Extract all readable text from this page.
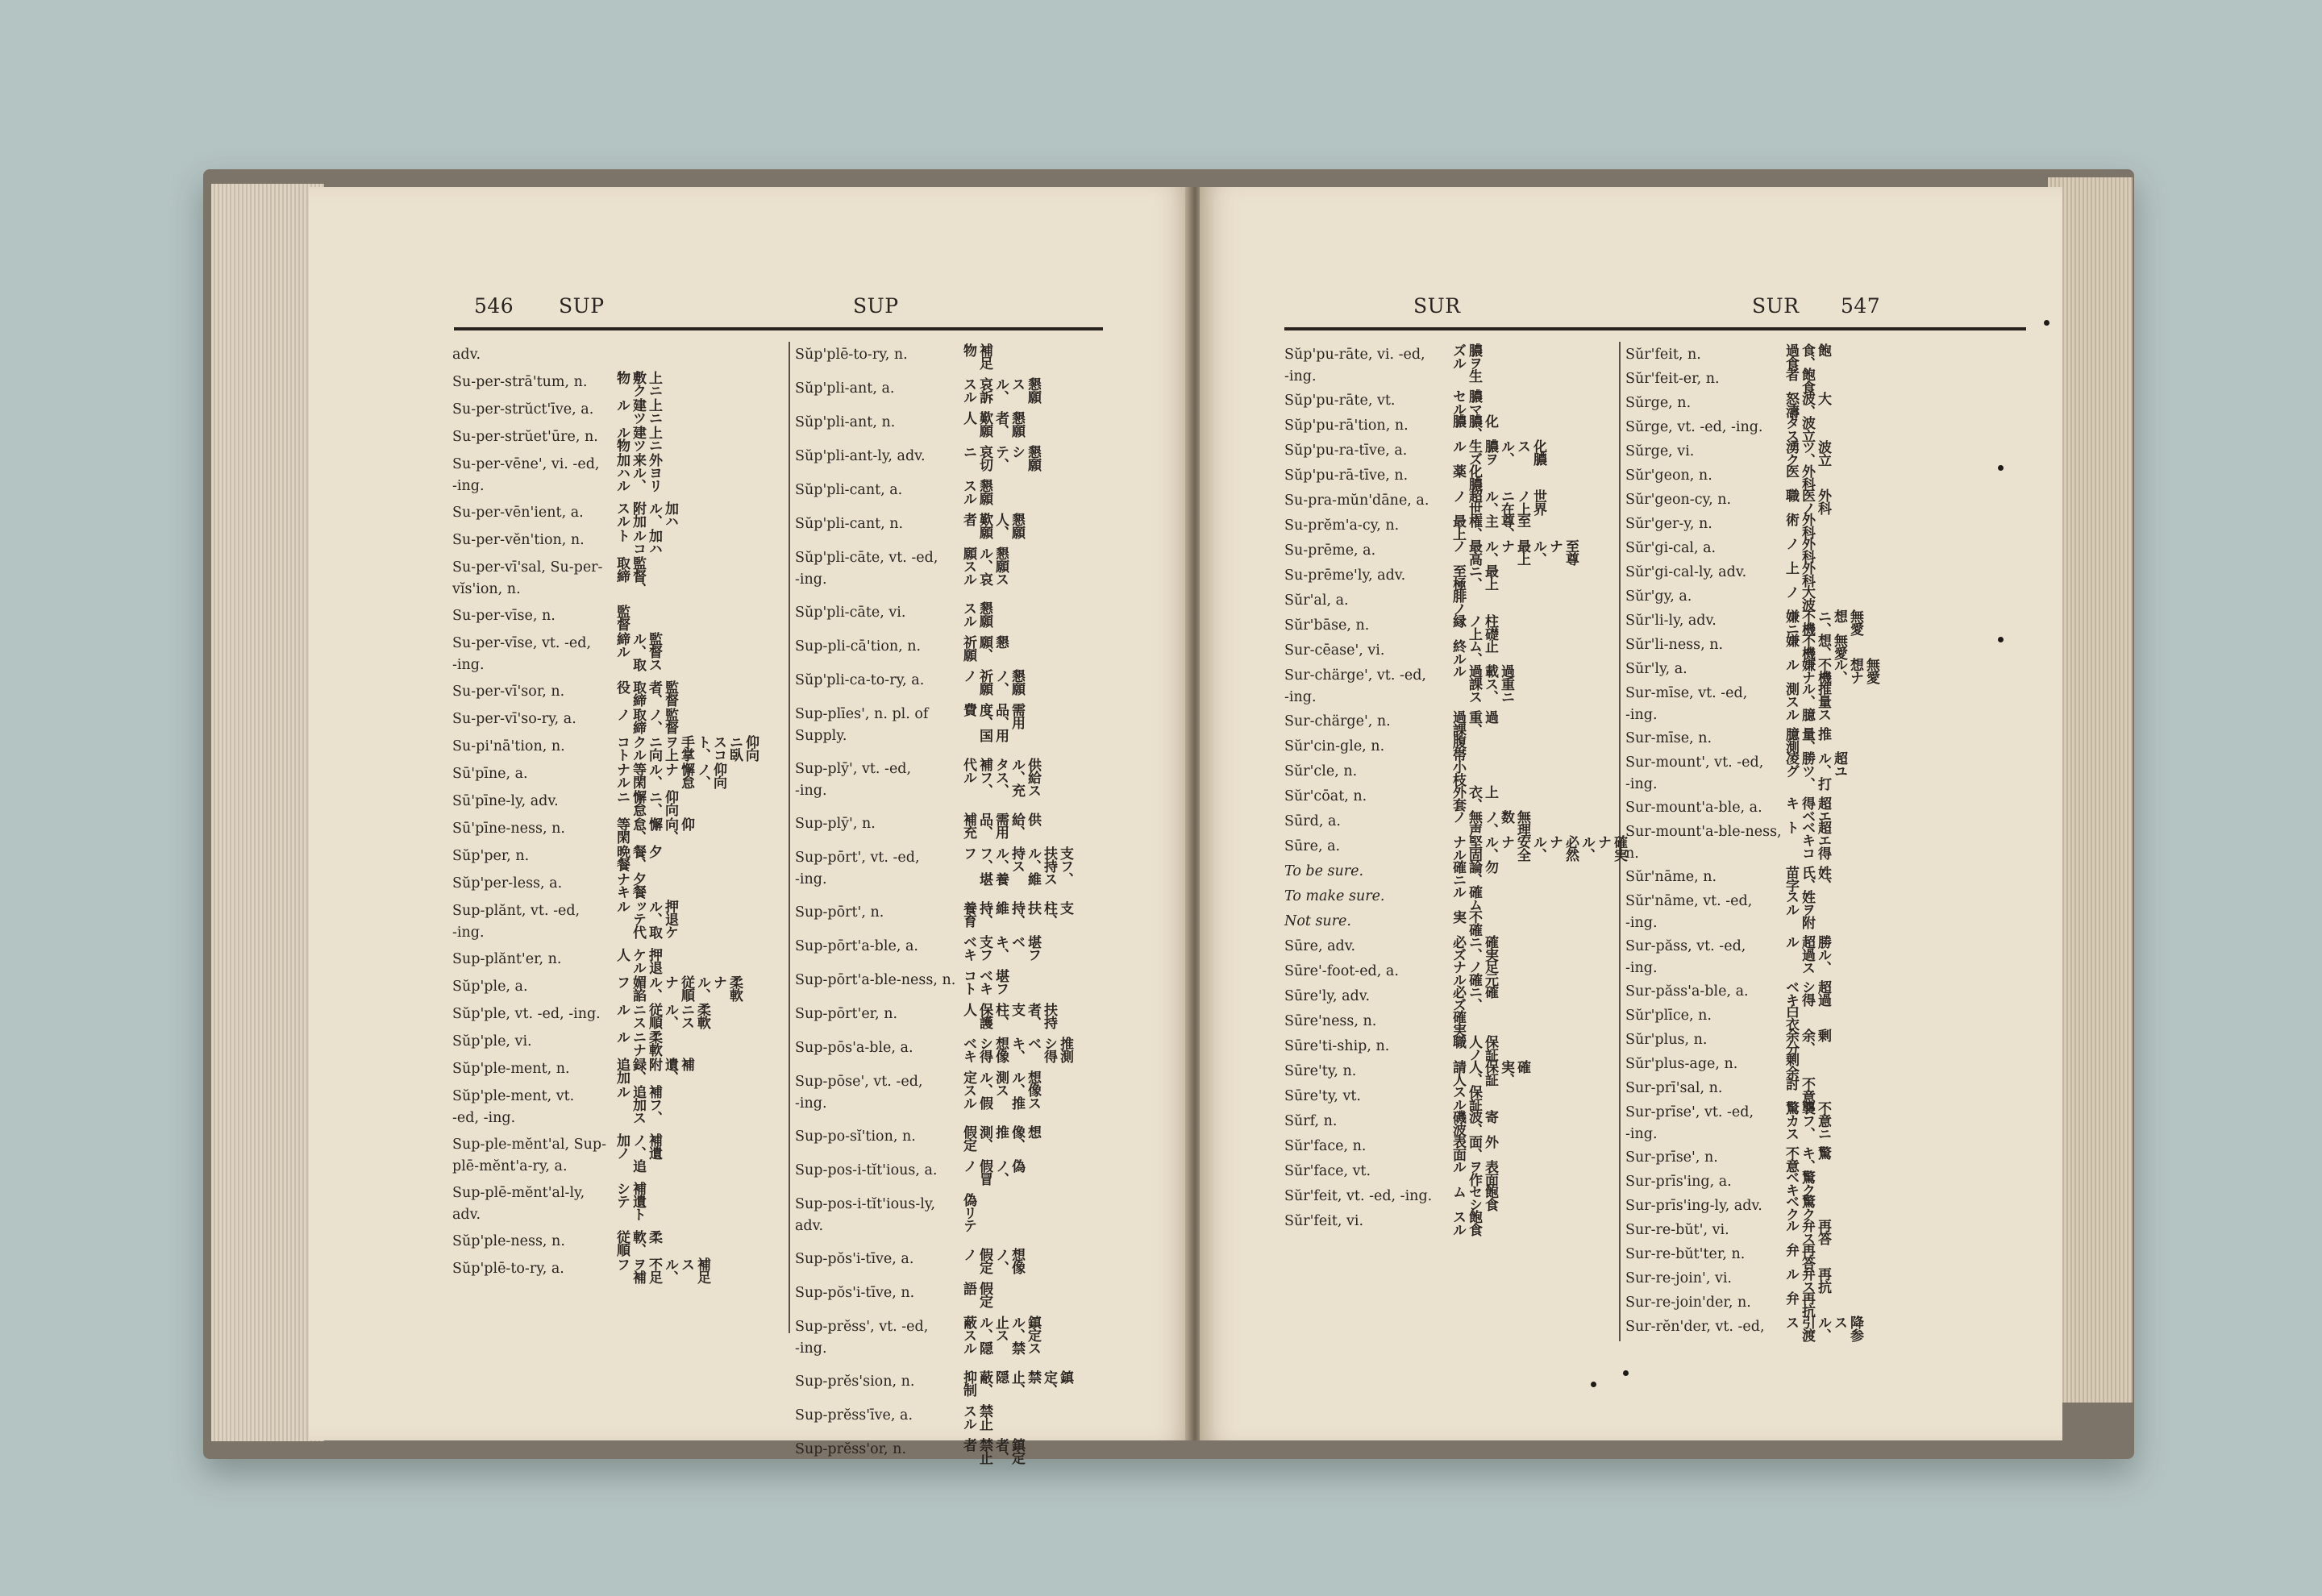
546 SUP	SUP
adv.
Su-per-strā'tum, n.	上ニ敷ク物
Su-per-strŭct'īve, a.	上ニ建ツル
Su-per-strŭet'ūre, n.	上ニ建ツル物
Su-per-vēne', vi. -ed,
-ing.	外ヨリ来ル、加ハル
Su-per-vēn'ient, a.	加ハル、附加スル
Su-per-vĕn'tion, n.	加ハルコト
Su-per-vī'sal, Su-per-
vĭs'ion, n.	監督、取締
Su-per-vīse, n.	監督
Su-per-vīse, vt. -ed,
-ing.	監督スル、取締ル
Su-per-vī'sor, n.	監督者、取締役
Su-per-vī'so-ry, a.	監督ノ、取締ノ
Su-pi'nā'tion, n.	仰向ニ臥スコト、手掌ヲ上ニ向クルコト
Sū'pīne, a.	仰向ノ、懈怠ナル、等閑ナル
Sū'pīne-ly, adv.	仰向ニ、懈怠ニ
Sū'pīne-ness, n.	仰向、懈怠、等閑
Sŭp'per, n.	夕餐、晩餐
Sŭp'per-less, a.	夕餐ナキ
Sup-plănt, vt. -ed,
-ing.	押退ケル、取ッテ代ル
Sup-plănt'er, n.	押退ケル人
Sŭp'ple, a.	柔軟ナル、従順ナル、媚諂フ
Sŭp'ple, vt. -ed, -ing.	柔軟ニスル、従順ニスル
Sŭp'ple, vi.	柔軟ニナル
Sŭp'ple-ment, n.	補遺、附録、追加
Sŭp'ple-ment, vt.
-ed, -ing.	補フ、追加スル
Sup-ple-mĕnt'al, Sup-
plē-mĕnt'a-ry, a.
補遺ノ、追加ノ
Sup-plē-mĕnt'al-ly,
adv.	補遺トシテ
Sŭp'ple-ness, n.	柔軟、従順
Sŭp'plē-to-ry, a.	補足スル、不足ヲ補フ
Sŭp'plē-to-ry, n.	補足物
Sŭp'pli-ant, a.	懇願スル、哀訴スル
Sŭp'pli-ant, n.	懇願者、歎願人
Sŭp'pli-ant-ly, adv.	懇願シテ、哀切ニ
Sŭp'pli-cant, a.	懇願スル
Sŭp'pli-cant, n.	懇願人、歎願者
Sŭp'pli-cāte, vt. -ed,
-ing.	懇願スル、哀願スル
Sŭp'pli-cāte, vi.	懇願スル
Sup-pli-cā'tion, n.	懇願、祈願
Sŭp'pli-ca-to-ry, a.	懇願ノ、祈願ノ
Sup-plīes', n. pl. of
Supply.
需用品、用度、国費
Sup-plȳ', vt. -ed,
-ing.	供給スル、充タス、補フ、代ル
Sup-plȳ', n.	供給、需用品、補充
Sup-pōrt', vt. -ed,
-ing.	支フ、扶持スル、維持スル、養フ、堪フ
Sup-pōrt', n.	支柱、扶持、維持、養育
Sup-pōrt'a-ble, a.	堪フベキ、支フベキ
Sup-pōrt'a-ble-ness, n.	堪フベキコト
Sup-pōrt'er, n.	扶持者、支柱、保護人
Sup-pōs'a-ble, a.	推測シ得ベキ、想像シ得ベキ
Sup-pōse', vt. -ed,
-ing.	想像スル、推測スル、假定スル
Sup-po-sĭ'tion, n.	想像、推測、假定
Sup-pos-i-tĭt'ious, a.	偽ノ、假冒ノ
Sup-pos-i-tĭt'ious-ly,
adv.	偽リテ
Sup-pŏs'i-tīve, a.	想像ノ、假定ノ
Sup-pŏs'i-tīve, n.	假定語
Sup-prĕss', vt. -ed,
-ing.	鎮定スル、禁止スル、隠蔽スル
Sup-prĕs'sion, n.	鎮定、禁止、隠蔽、抑制
Sup-prĕss'īve, a.	禁止スル
Sup-prĕss'or, n.	鎮定者、禁止者
SUR	SUR 547
Sŭp'pu-rāte, vi. -ed,
-ing.	膿ヲ生ズル
Sŭp'pu-rāte, vt.	膿マセル
Sŭp'pu-rā'tion, n.	化膿、膿
Sŭp'pu-ra-tīve, a.	化膿スル、膿ヲ生ズル
Sŭp'pu-rā-tīve, n.	化膿薬
Su-pra-mŭn'dāne, a.	世界ノ上ニ在ル、超世ノ
Su-prĕm'a-cy, n.	至尊、主権、最上
Su-prēme, a.	至尊ナル、最上ナル、最高ノ
Su-prēme'ly, adv.	最上ニ、至極
Sŭr'al, a.	腓ノ
Sŭr'bāse, n.	柱礎ノ上縁
Sur-cēase', vi.	止ム、終ル
Sur-chärge', vt. -ed,
-ing.	過重ニ載ス、過課スル
Sur-chärge', n.	過重、過課
Sŭr'cin-gle, n.	腹帯
Sŭr'cle, n.	小枝
Sŭr'cōat, n.	上衣、外套
Sūrd, a.	無理数ノ、無声ノ
Sūre, a.	確実ナル、必然ナル、安全ナル、堅固ナル
To be sure.	勿論、確ニ
To make sure.	確ムル
Not sure.	不確実
Sūre, adv.	確実ニ、必ズ
Sūre'-foot-ed, a.	足元ノ確ナル
Sūre'ly, adv.	確ニ、必ズ
Sūre'ness, n.	確実
Sūre'ti-ship, n.	保証人ノ職
Sūre'ty, n.	確実、保証人、請人
Sūre'ty, vt.	保証スル
Sŭrf, n.	寄波、磯波
Sŭr'face, n.	外面、表面
Sŭr'face, vt.	表面ヲ作ル
Sŭr'feit, vt. -ed, -ing.	飽食セシム
Sŭr'feit, vi.	飽食スル
Sŭr'feit, n.	飽食、過食
Sŭr'feit-er, n.	飽食者
Sŭrge, n.	大波、怒濤
Sŭrge, vt. -ed, -ing.	波立タス
Sŭrge, vi.	波立ツ、湧ク
Sŭr'geon, n.	外科医
Sŭr'geon-cy, n.	外科医ノ職
Sŭr'ger-y, n.	外科術
Sŭr'gi-cal, a.	外科ノ
Sŭr'gi-cal-ly, adv.	外科上
Sŭr'gy, a.	大波ノ
Sŭr'li-ly, adv.	無愛想ニ、不機嫌ニ
Sŭr'li-ness, n.	無愛想、不機嫌
Sŭr'ly, a.	無愛想ナル、不機嫌ナル
Sur-mīse, vt. -ed,
-ing.	推量スル、臆測スル
Sur-mīse, n.	推量、臆測
Sur-mount', vt. -ed,
-ing.
超ユル、打勝ツ、凌グ
Sur-mount'a-ble, a.	超エ得ベキ
Sur-mount'a-ble-ness,
n.	超エ得ベキコト
Sŭr'nāme, n.	姓、氏、苗字
Sŭr'nāme, vt. -ed,
-ing.	姓ヲ附スル
Sur-păss, vt. -ed,
-ing.	勝ル、超過スル
Sur-păss'a-ble, a.	超過シ得ベキ
Sŭr'plīce, n.	白衣
Sŭr'plus, n.	剰余、余分
Sŭr'plus-age, n.	剰余
Sur-prī'sal, n.	不意討
Sur-prīse', vt. -ed,
-ing.	不意ニ襲フ、驚カス
Sur-prīse', n.	驚キ、不意
Sur-prīs'ing, a.	驚クベキ
Sur-prīs'ing-ly, adv.	驚クベク
Sur-re-bŭt', vi.	再答弁スル
Sur-re-bŭt'ter, n.	再答弁
Sur-re-join', vi.	再抗弁スル
Sur-re-join'der, n.	再抗弁
Sur-rĕn'der, vt. -ed,	降参スル、引渡ス
